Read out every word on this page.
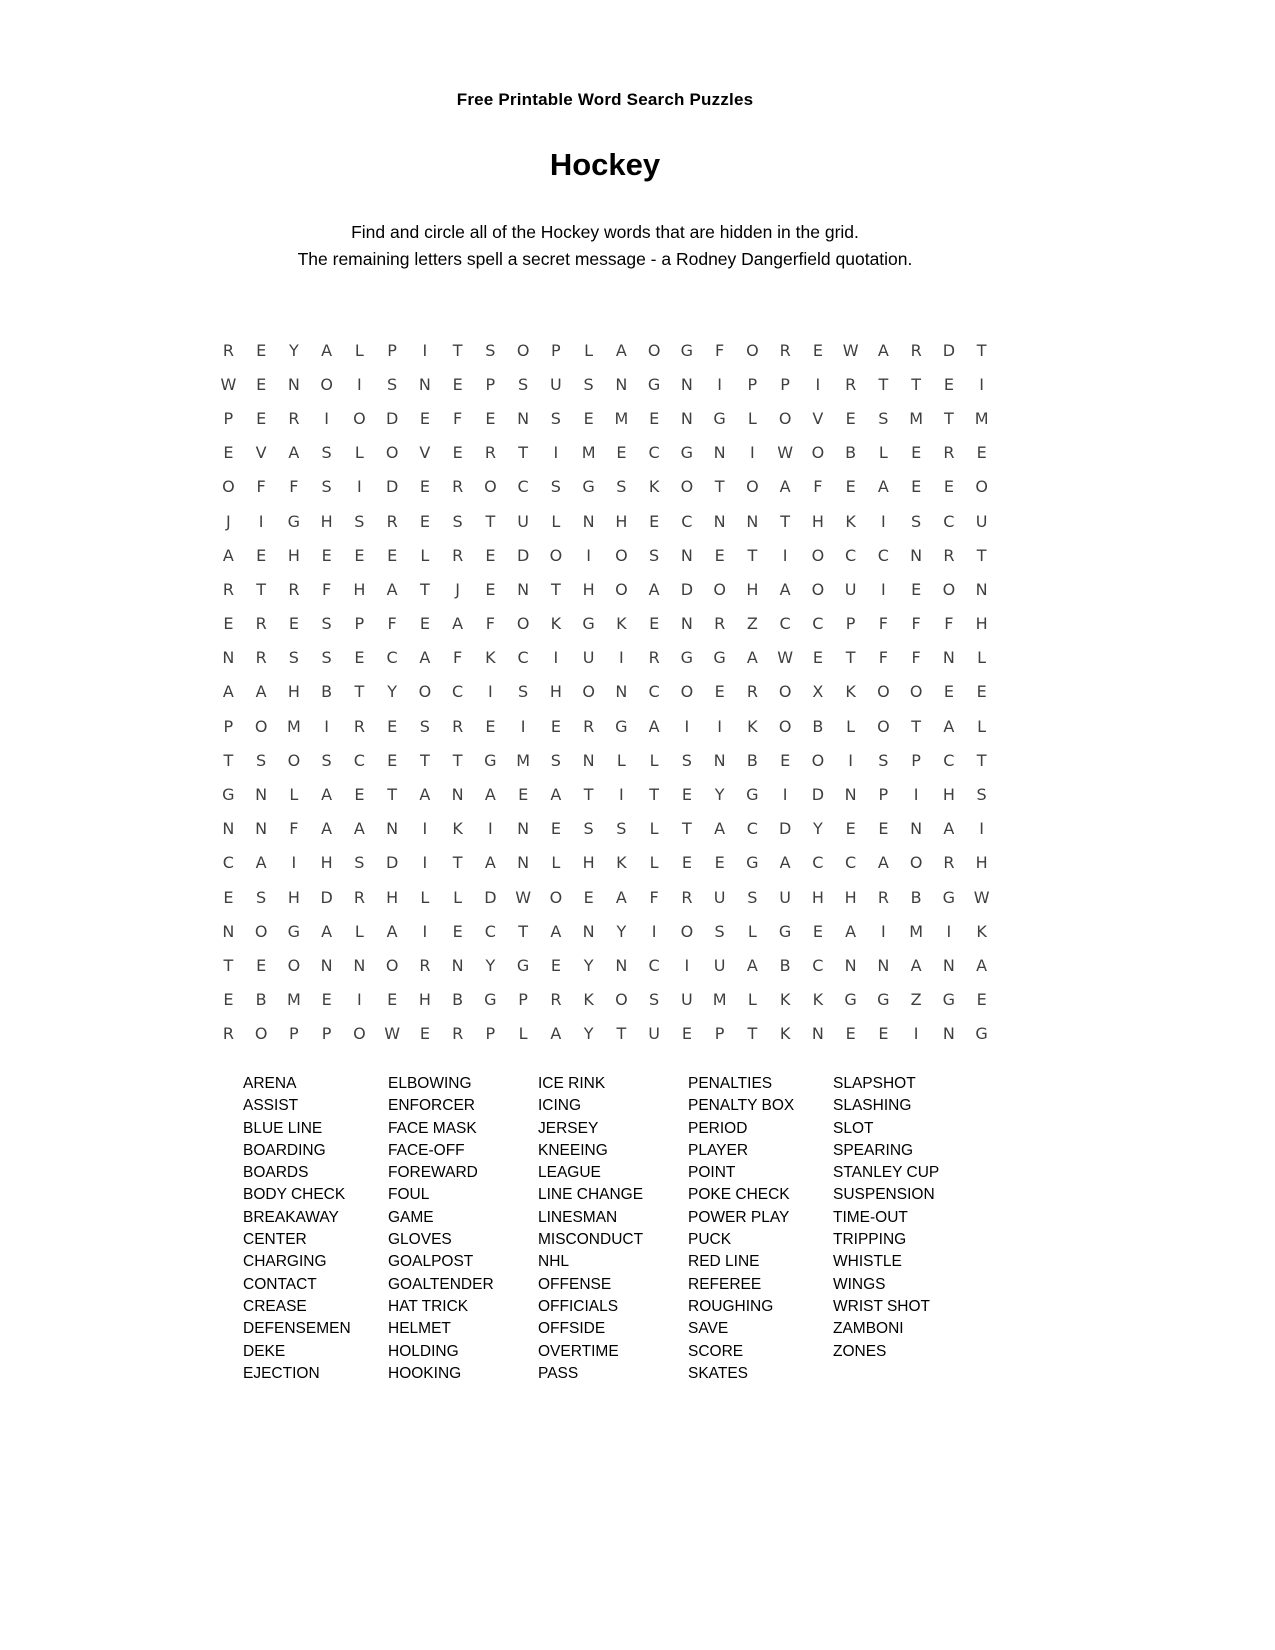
Free Printable Word Search Puzzles
Hockey
Find and circle all of the Hockey words that are hidden in the grid.
The remaining letters spell a secret message - a Rodney Dangerfield quotation.
R	E	Y	A	L	P	I	T	S	O	P	L	A	O	G	F	O	R	E	W	A	R	D	T
W	E	N	O	I	S	N	E	P	S	U	S	N	G	N	I	P	P	I	R	T	T	E	I
P	E	R	I	O	D	E	F	E	N	S	E	M	E	N	G	L	O	V	E	S	M	T	M
E	V	A	S	L	O	V	E	R	T	I	M	E	C	G	N	I	W	O	B	L	E	R	E
O	F	F	S	I	D	E	R	O	C	S	G	S	K	O	T	O	A	F	E	A	E	E	O
J	I	G	H	S	R	E	S	T	U	L	N	H	E	C	N	N	T	H	K	I	S	C	U
A	E	H	E	E	E	L	R	E	D	O	I	O	S	N	E	T	I	O	C	C	N	R	T
R	T	R	F	H	A	T	J	E	N	T	H	O	A	D	O	H	A	O	U	I	E	O	N
E	R	E	S	P	F	E	A	F	O	K	G	K	E	N	R	Z	C	C	P	F	F	F	H
N	R	S	S	E	C	A	F	K	C	I	U	I	R	G	G	A	W	E	T	F	F	N	L
A	A	H	B	T	Y	O	C	I	S	H	O	N	C	O	E	R	O	X	K	O	O	E	E
P	O	M	I	R	E	S	R	E	I	E	R	G	A	I	I	K	O	B	L	O	T	A	L
T	S	O	S	C	E	T	T	G	M	S	N	L	L	S	N	B	E	O	I	S	P	C	T
G	N	L	A	E	T	A	N	A	E	A	T	I	T	E	Y	G	I	D	N	P	I	H	S
N	N	F	A	A	N	I	K	I	N	E	S	S	L	T	A	C	D	Y	E	E	N	A	I
C	A	I	H	S	D	I	T	A	N	L	H	K	L	E	E	G	A	C	C	A	O	R	H
E	S	H	D	R	H	L	L	D	W	O	E	A	F	R	U	S	U	H	H	R	B	G	W
N	O	G	A	L	A	I	E	C	T	A	N	Y	I	O	S	L	G	E	A	I	M	I	K
T	E	O	N	N	O	R	N	Y	G	E	Y	N	C	I	U	A	B	C	N	N	A	N	A
E	B	M	E	I	E	H	B	G	P	R	K	O	S	U	M	L	K	K	G	G	Z	G	E
R	O	P	P	O	W	E	R	P	L	A	Y	T	U	E	P	T	K	N	E	E	I	N	G
ARENA
ASSIST
BLUE LINE
BOARDING
BOARDS
BODY CHECK
BREAKAWAY
CENTER
CHARGING
CONTACT
CREASE
DEFENSEMEN
DEKE
EJECTION
ELBOWING
ENFORCER
FACE MASK
FACE-OFF
FOREWARD
FOUL
GAME
GLOVES
GOALPOST
GOALTENDER
HAT TRICK
HELMET
HOLDING
HOOKING
ICE RINK
ICING
JERSEY
KNEEING
LEAGUE
LINE CHANGE
LINESMAN
MISCONDUCT
NHL
OFFENSE
OFFICIALS
OFFSIDE
OVERTIME
PASS
PENALTIES
PENALTY BOX
PERIOD
PLAYER
POINT
POKE CHECK
POWER PLAY
PUCK
RED LINE
REFEREE
ROUGHING
SAVE
SCORE
SKATES
SLAPSHOT
SLASHING
SLOT
SPEARING
STANLEY CUP
SUSPENSION
TIME-OUT
TRIPPING
WHISTLE
WINGS
WRIST SHOT
ZAMBONI
ZONES
